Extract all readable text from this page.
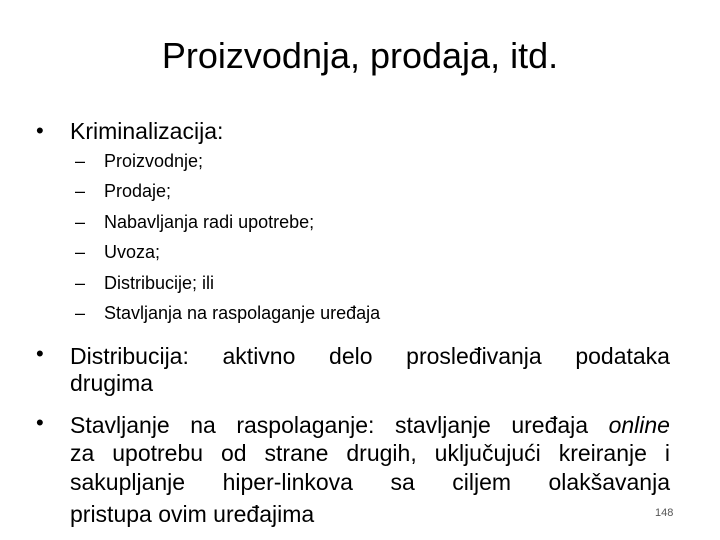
Proizvodnja, prodaja, itd.
• Kriminalizacija:
– Proizvodnje;
– Prodaje;
– Nabavljanja radi upotrebe;
– Uvoza;
– Distribucije; ili
– Stavljanja na raspolaganje uređaja
• Distribucija: aktivno delo prosleđivanja podataka
drugima
• Stavljanje na raspolaganje: stavljanje uređaja online
za upotrebu od strane drugih, uključujući kreiranje i
sakupljanje hiper-linkova sa ciljem olakšavanja
pristupa ovim uređajima	148
